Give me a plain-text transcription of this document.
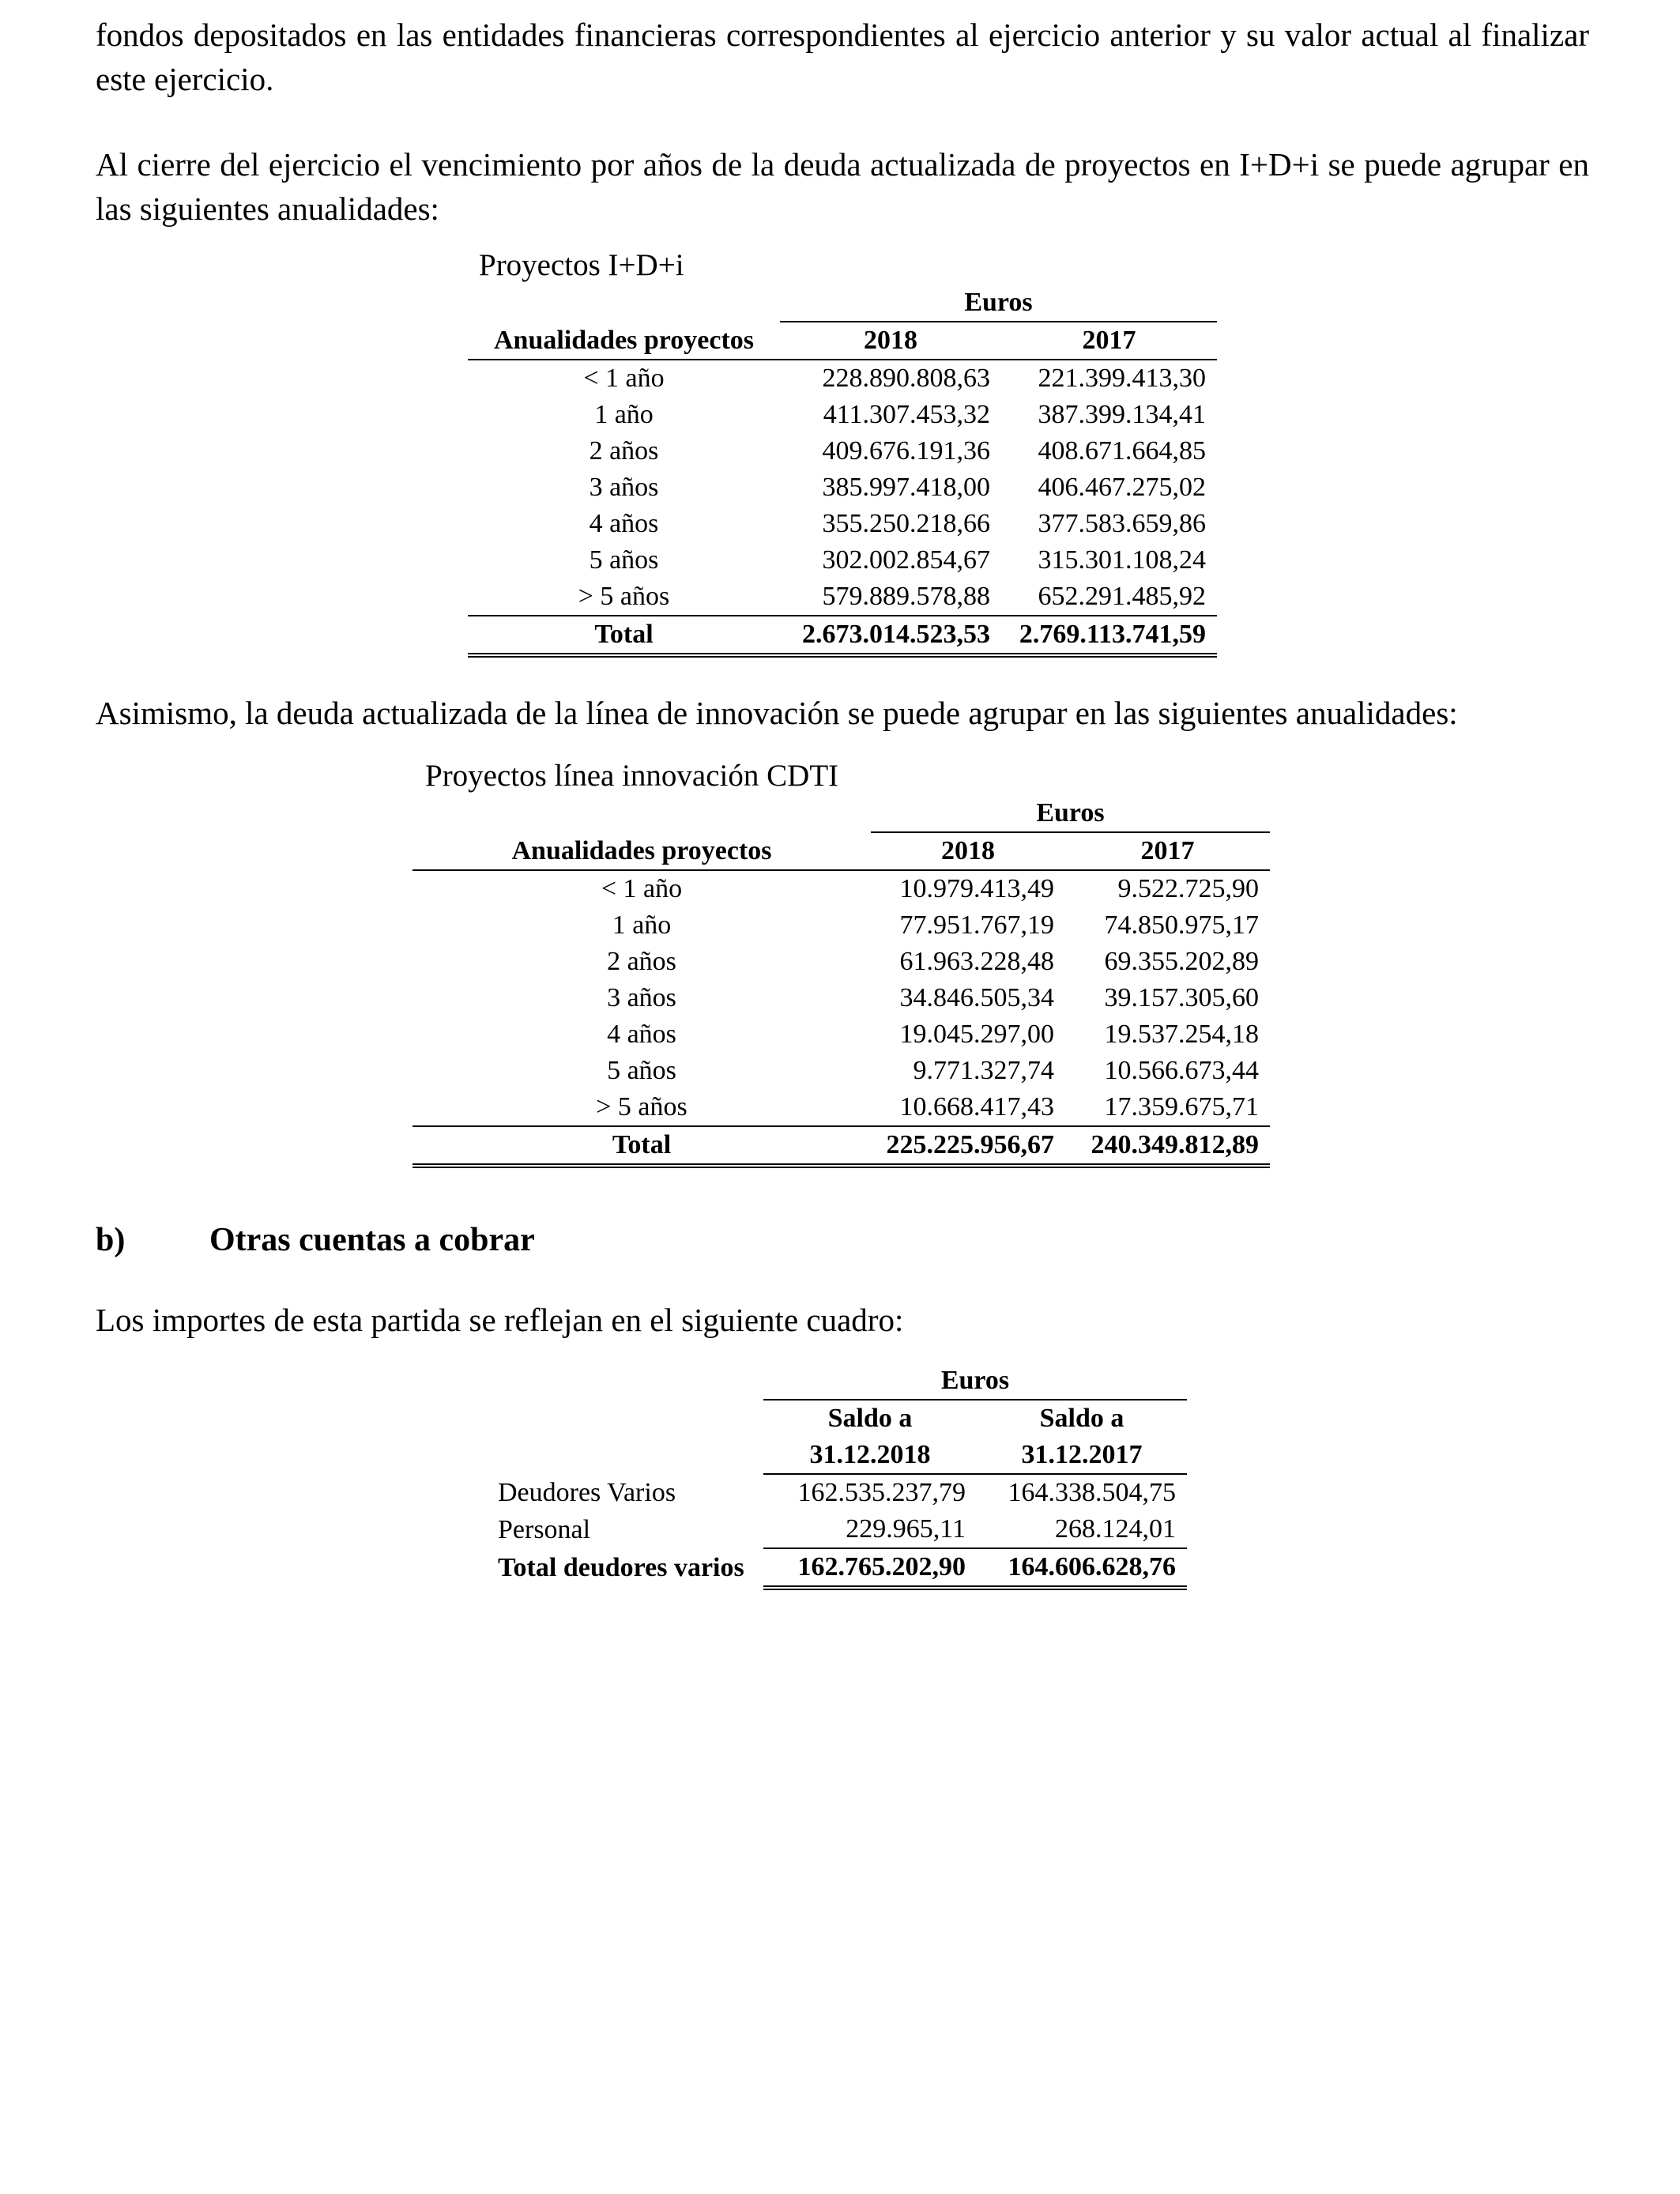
fondos depositados en las entidades financieras correspondientes al ejercicio anterior y su valor actual al finalizar este ejercicio.

Al cierre del ejercicio el vencimiento por años de la deuda actualizada de proyectos en I+D+i se puede agrupar en las siguientes anualidades:

Proyectos I+D+i
	Euros	
Anualidades proyectos	2018	2017
< 1 año	228.890.808,63	221.399.413,30
1 año	411.307.453,32	387.399.134,41
2 años	409.676.191,36	408.671.664,85
3 años	385.997.418,00	406.467.275,02
4 años	355.250.218,66	377.583.659,86
5 años	302.002.854,67	315.301.108,24
> 5 años	579.889.578,88	652.291.485,92
Total	2.673.014.523,53	2.769.113.741,59

Asimismo, la deuda actualizada de la línea de innovación se puede agrupar en las siguientes anualidades:

Proyectos línea innovación CDTI
	Euros	
Anualidades proyectos	2018	2017
< 1 año	10.979.413,49	9.522.725,90
1 año	77.951.767,19	74.850.975,17
2 años	61.963.228,48	69.355.202,89
3 años	34.846.505,34	39.157.305,60
4 años	19.045.297,00	19.537.254,18
5 años	9.771.327,74	10.566.673,44
> 5 años	10.668.417,43	17.359.675,71
Total	225.225.956,67	240.349.812,89
b)	Otras cuentas a cobrar

Los importes de esta partida se reflejan en el siguiente cuadro:

	Euros	
	Saldo a	Saldo a
	31.12.2018	31.12.2017
Deudores Varios	162.535.237,79	164.338.504,75
Personal	229.965,11	268.124,01
Total deudores varios	162.765.202,90	164.606.628,76
